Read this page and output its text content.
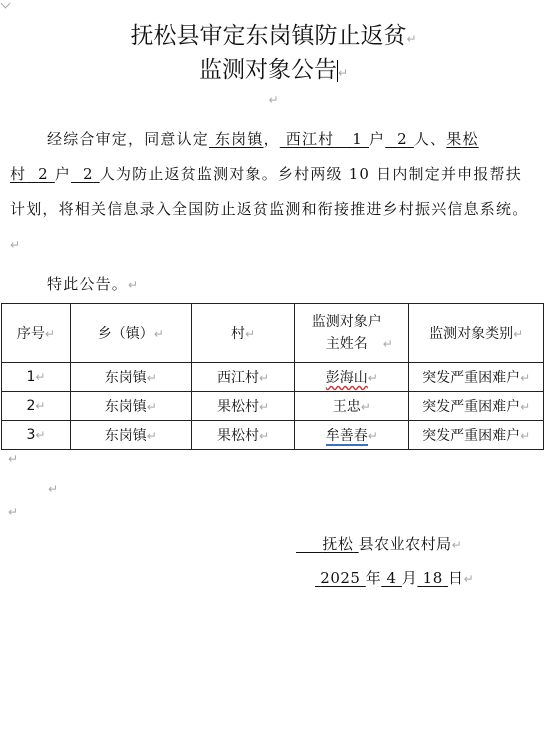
抚松县审定东岗镇防止返贫↵
监测对象公告↵
↵
经综合审定，同意认定 东岗镇， 西江村 1 户 2 人、果松村 2 户 2 人为防止返贫监测对象。乡村两级 10 日内制定并申报帮扶计划，将相关信息录入全国防止返贫监测和衔接推进乡村振兴信息系统。↵
特此公告。↵
序号↵	乡（镇）↵	村↵	监测对象户主姓名 ↵	监测对象类别↵
1↵	东岗镇↵	西江村↵	彭海山↵	突发严重困难户↵
2↵	东岗镇↵	果松村↵	王忠↵	突发严重困难户↵
3↵	东岗镇↵	果松村↵	牟善春↵	突发严重困难户↵
↵
↵
↵
抚松 县农业农村局↵
2025 年 4 月 18 日↵
